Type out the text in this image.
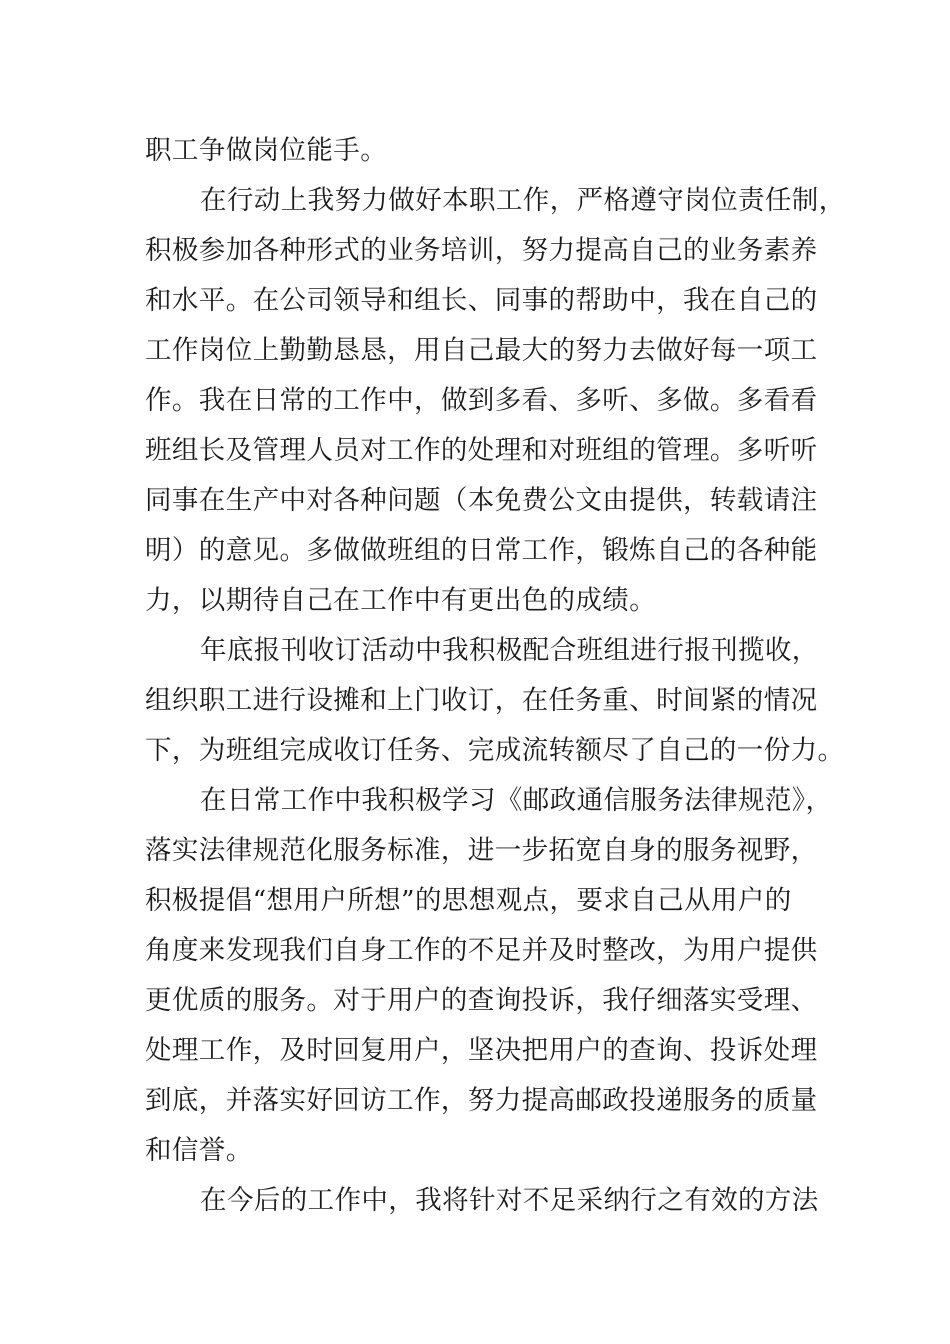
职工争做岗位能手。
在行动上我努力做好本职工作，严格遵守岗位责任制，
积极参加各种形式的业务培训，努力提高自己的业务素养
和水平。在公司领导和组长、同事的帮助中，我在自己的
工作岗位上勤勤恳恳，用自己最大的努力去做好每一项工
作。我在日常的工作中，做到多看、多听、多做。多看看
班组长及管理人员对工作的处理和对班组的管理。多听听
同事在生产中对各种问题（本免费公文由提供，转载请注
明）的意见。多做做班组的日常工作，锻炼自己的各种能
力，以期待自己在工作中有更出色的成绩。
年底报刊收订活动中我积极配合班组进行报刊揽收，
组织职工进行设摊和上门收订，在任务重、时间紧的情况
下，为班组完成收订任务、完成流转额尽了自己的一份力。
在日常工作中我积极学习《邮政通信服务法律规范》，
落实法律规范化服务标准，进一步拓宽自身的服务视野，
积极提倡“想用户所想”的思想观点，要求自己从用户的
角度来发现我们自身工作的不足并及时整改，为用户提供
更优质的服务。对于用户的查询投诉，我仔细落实受理、
处理工作，及时回复用户，坚决把用户的查询、投诉处理
到底，并落实好回访工作，努力提高邮政投递服务的质量
和信誉。
在今后的工作中，我将针对不足采纳行之有效的方法
